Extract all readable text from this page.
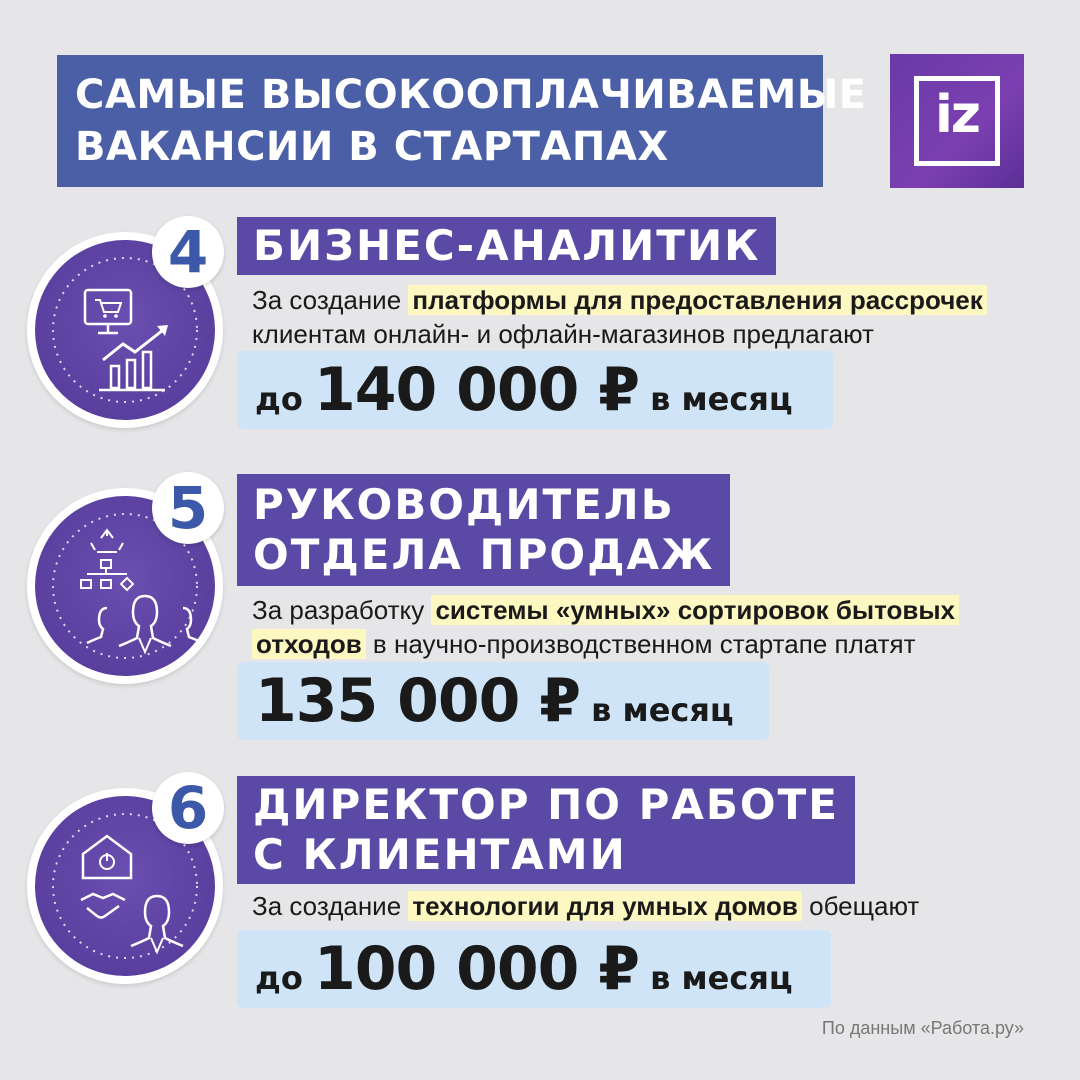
САМЫЕ ВЫСОКООПЛАЧИВАЕМЫЕ
ВАКАНСИИ В СТАРТАПАХ
iz
4	БИЗНЕС-АНАЛИТИК
За создание платформы для предоставления рассрочек
клиентам онлайн- и офлайн-магазинов предлагают
до 140 000 ₽ в месяц
5	РУКОВОДИТЕЛЬ
ОТДЕЛА ПРОДАЖ
За разработку системы «умных» сортировок бытовых
отходов в научно-производственном стартапе платят
135 000 ₽ в месяц
6	ДИРЕКТОР ПО РАБОТЕ
С КЛИЕНТАМИ
За создание технологии для умных домов обещают
до 100 000 ₽ в месяц
По данным «Работа.ру»
